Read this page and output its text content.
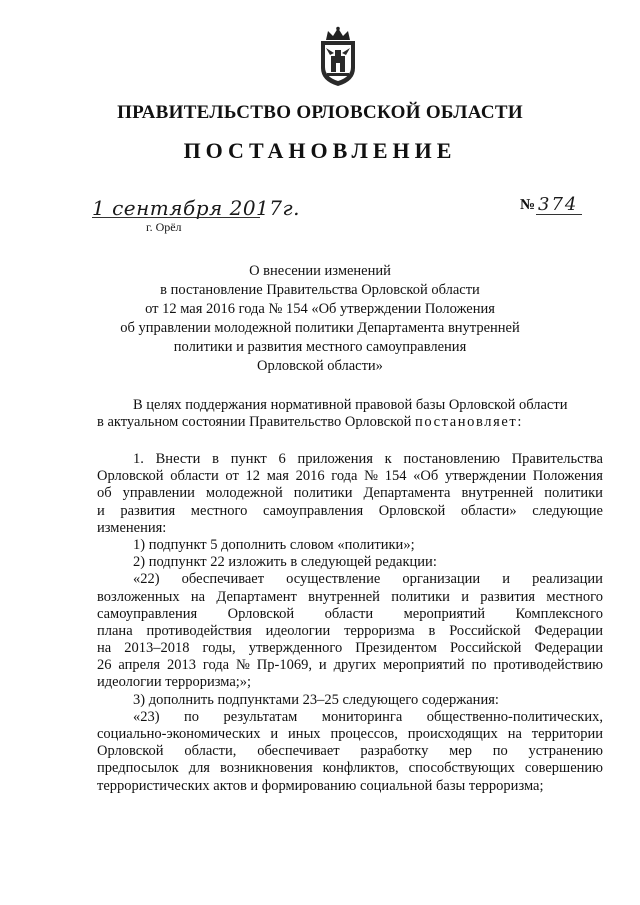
ПРАВИТЕЛЬСТВО ОРЛОВСКОЙ ОБЛАСТИ
ПОСТАНОВЛЕНИЕ
1 сентября 2017г.
г. Орёл
№ 374
О внесении изменений
в постановление Правительства Орловской области
от 12 мая 2016 года № 154 «Об утверждении Положения
об управлении молодежной политики Департамента внутренней
политики и развития местного самоуправления
Орловской области»
В целях поддержания нормативной правовой базы Орловской области
в актуальном состоянии Правительство Орловской постановляет:
1. Внести в пункт 6 приложения к постановлению Правительства
Орловской области от 12 мая 2016 года № 154 «Об утверждении Положения
об управлении молодежной политики Департамента внутренней политики
и развития местного самоуправления Орловской области» следующие
изменения:
1) подпункт 5 дополнить словом «политики»;
2) подпункт 22 изложить в следующей редакции:
«22) обеспечивает осуществление организации и реализации
возложенных на Департамент внутренней политики и развития местного
самоуправления Орловской области мероприятий Комплексного
плана противодействия идеологии терроризма в Российской Федерации
на 2013–2018 годы, утвержденного Президентом Российской Федерации
26 апреля 2013 года № Пр-1069, и других мероприятий по противодействию
идеологии терроризма;»;
3) дополнить подпунктами 23–25 следующего содержания:
«23) по результатам мониторинга общественно-политических,
социально-экономических и иных процессов, происходящих на территории
Орловской области, обеспечивает разработку мер по устранению
предпосылок для возникновения конфликтов, способствующих совершению
террористических актов и формированию социальной базы терроризма;
